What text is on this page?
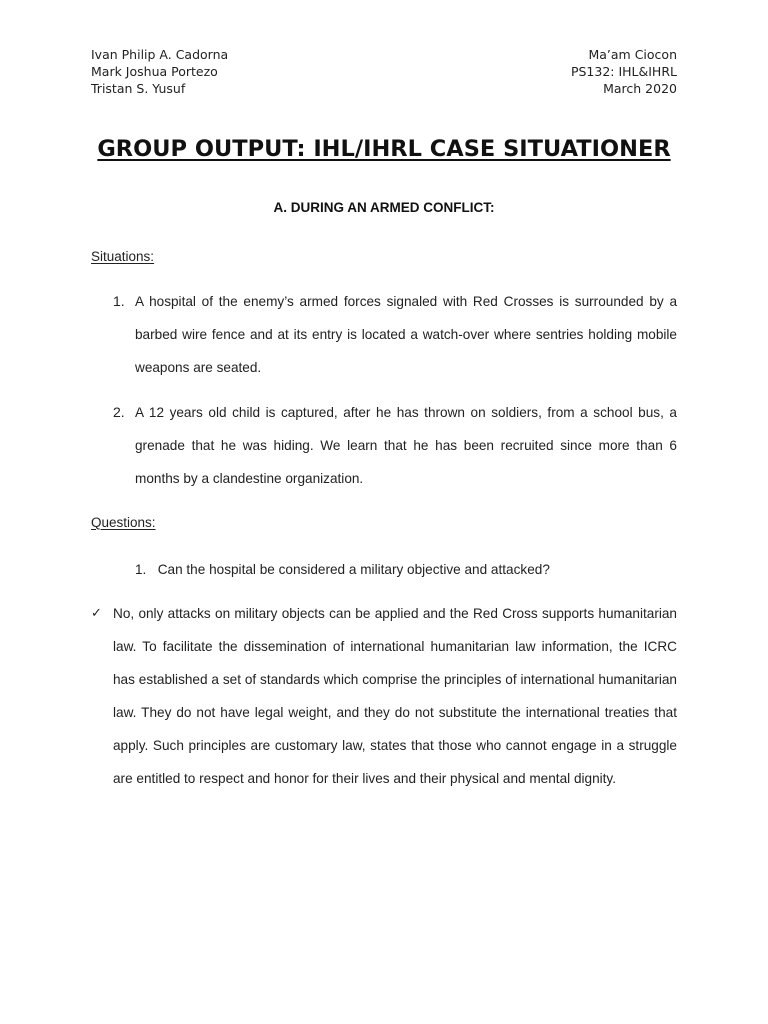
Ivan Philip A. Cadorna
Mark Joshua Portezo
Tristan S. Yusuf
Ma’am Ciocon
PS132: IHL&IHRL
March 2020
GROUP OUTPUT: IHL/IHRL CASE SITUATIONER
A. DURING AN ARMED CONFLICT:
Situations:
1. A hospital of the enemy’s armed forces signaled with Red Crosses is surrounded by a barbed wire fence and at its entry is located a watch-over where sentries holding mobile weapons are seated.
2. A 12 years old child is captured, after he has thrown on soldiers, from a school bus, a grenade that he was hiding. We learn that he has been recruited since more than 6 months by a clandestine organization.
Questions:
1. Can the hospital be considered a military objective and attacked?
✓ No, only attacks on military objects can be applied and the Red Cross supports humanitarian law. To facilitate the dissemination of international humanitarian law information, the ICRC has established a set of standards which comprise the principles of international humanitarian law. They do not have legal weight, and they do not substitute the international treaties that apply. Such principles are customary law, states that those who cannot engage in a struggle are entitled to respect and honor for their lives and their physical and mental dignity.
